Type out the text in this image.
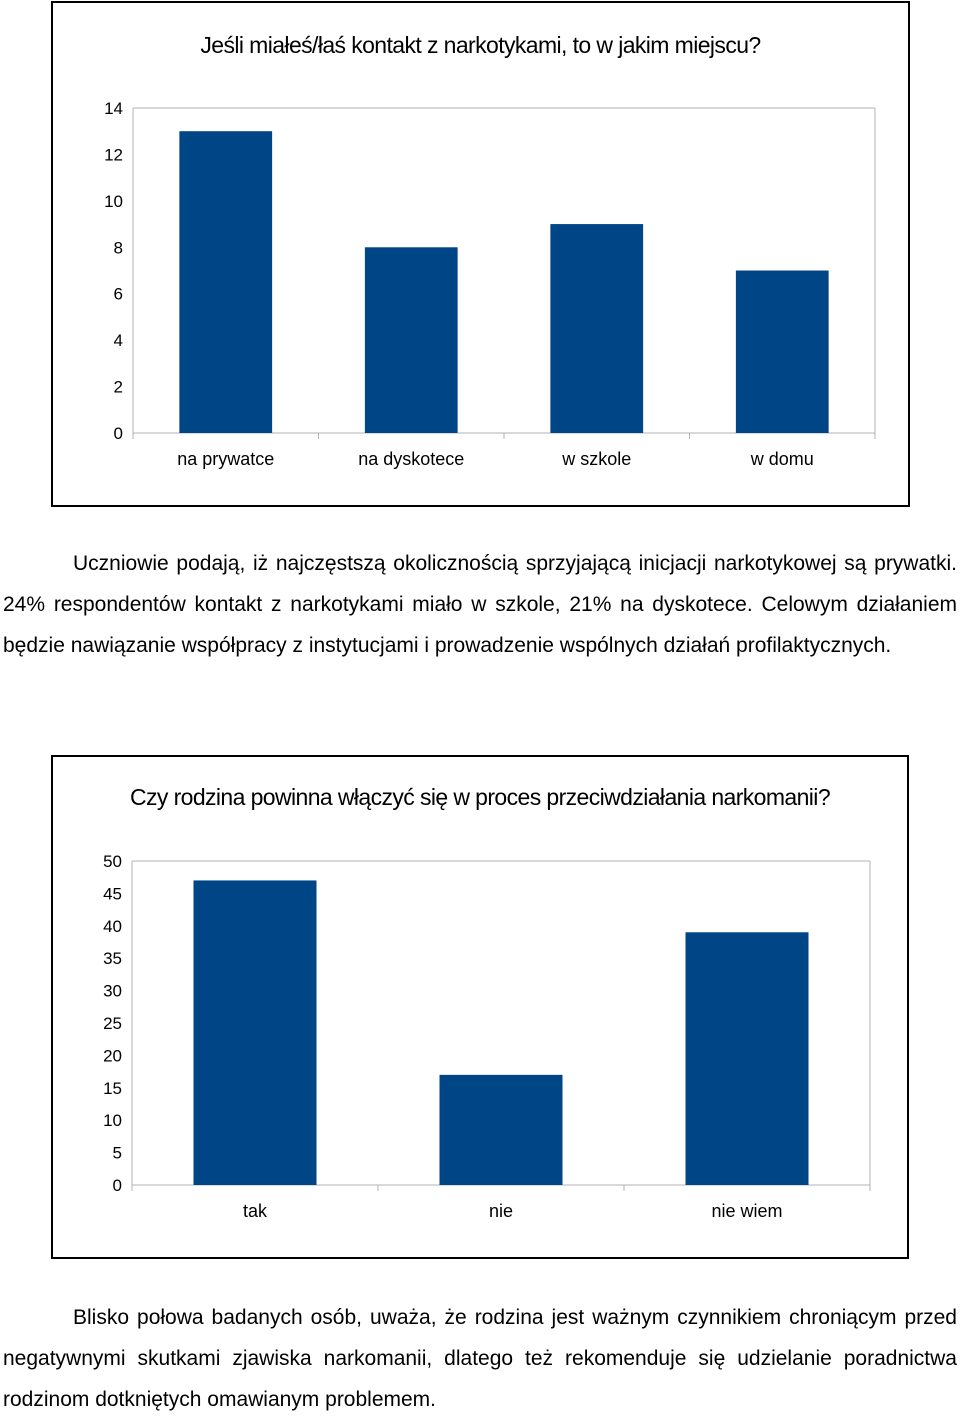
Jeśli miałeś/łaś kontakt z narkotykami, to w jakim miejscu?
0
2
4
6
8
10
12
14
na prywatce	na dyskotece	w szkole	w domu

Uczniowie podają, iż najczęstszą okolicznością sprzyjającą inicjacji narkotykowej są prywatki. 24% respondentów kontakt z narkotykami miało w szkole, 21% na dyskotece. Celowym działaniem będzie nawiązanie współpracy z instytucjami i prowadzenie wspólnych działań profilaktycznych.

Czy rodzina powinna włączyć się w proces przeciwdziałania narkomanii?
0
5
10
15
20
25
30
35
40
45
50
tak	nie	nie wiem

Blisko połowa badanych osób, uważa, że rodzina jest ważnym czynnikiem chroniącym przed negatywnymi skutkami zjawiska narkomanii, dlatego też rekomenduje się udzielanie poradnictwa rodzinom dotkniętych omawianym problemem.
